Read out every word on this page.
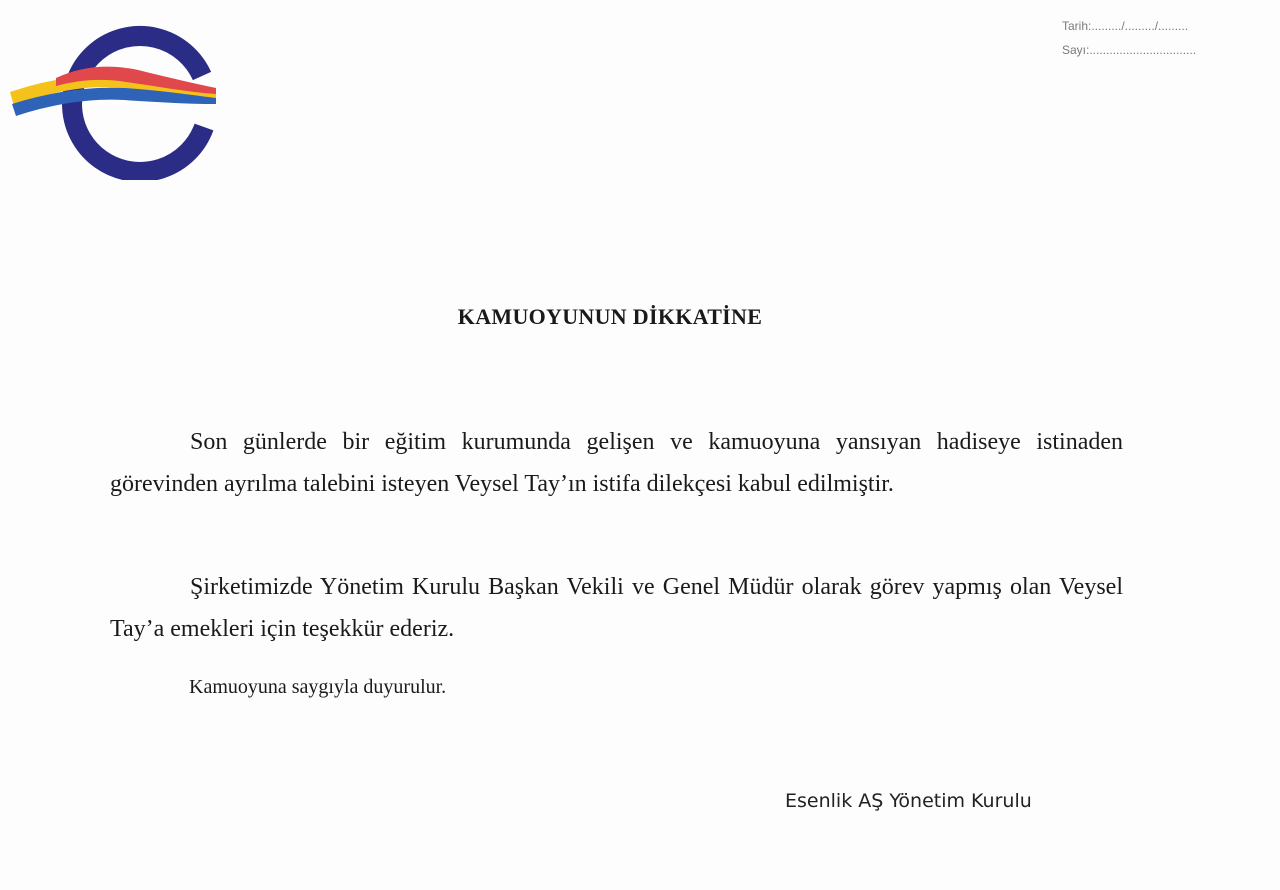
Tarih:........./........./.........
Sayı:................................
KAMUOYUNUN DİKKATİNE

Son günlerde bir eğitim kurumunda gelişen ve kamuoyuna yansıyan hadiseye istinaden görevinden ayrılma talebini isteyen Veysel Tay’ın istifa dilekçesi kabul edilmiştir.

Şirketimizde Yönetim Kurulu Başkan Vekili ve Genel Müdür olarak görev yapmış olan Veysel Tay’a emekleri için teşekkür ederiz.

Kamuoyuna saygıyla duyurulur.
Esenlik AŞ Yönetim Kurulu
